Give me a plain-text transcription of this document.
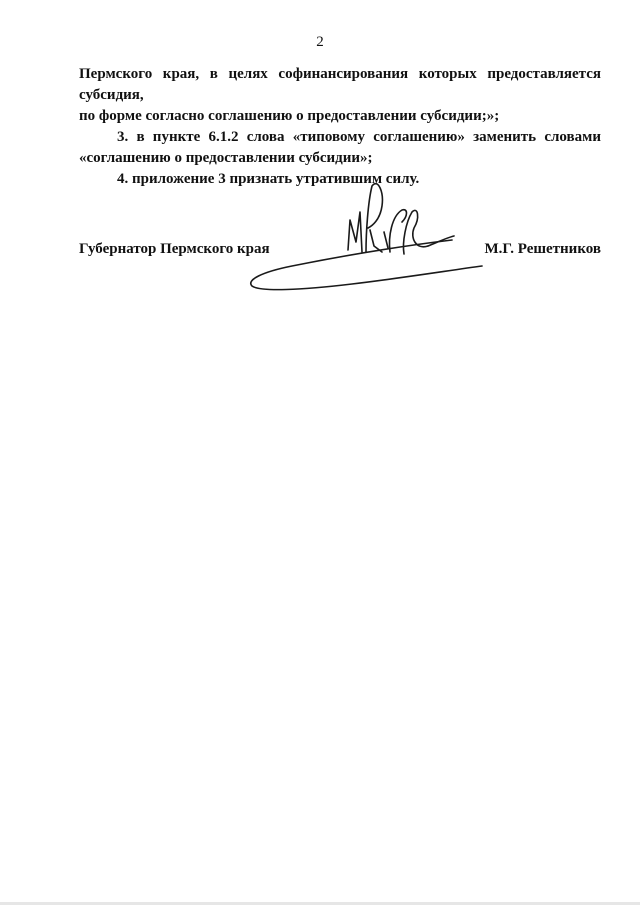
2

Пермского края, в целях софинансирования которых предоставляется субсидия,

по форме согласно соглашению о предоставлении субсидии;»;

3. в пункте 6.1.2 слова «типовому соглашению» заменить словами

«соглашению о предоставлении субсидии»;

4. приложение 3 признать утратившим силу.

Губернатор Пермского края	М.Г. Решетников
